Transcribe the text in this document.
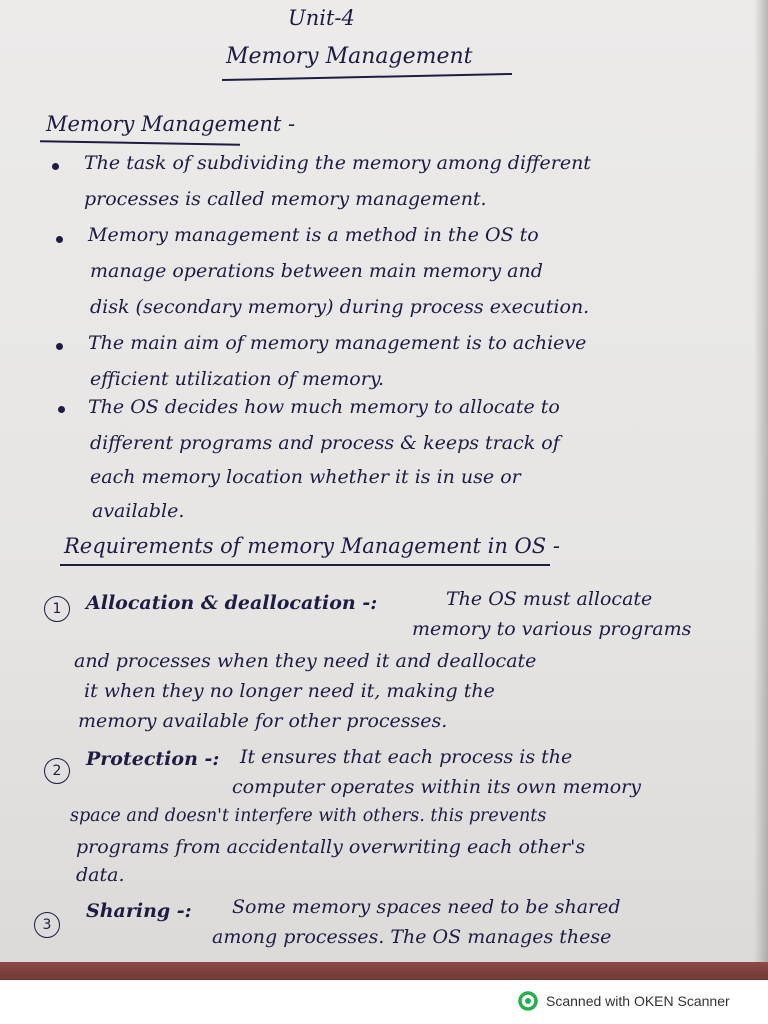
Unit-4
Memory Management
Memory Management -
The task of subdividing the memory among different
processes is called memory management.
Memory management is a method in the OS to
manage operations between main memory and
disk (secondary memory) during process execution.
The main aim of memory management is to achieve
efficient utilization of memory.
The OS decides how much memory to allocate to
different programs and process & keeps track of
each memory location whether it is in use or
available.
Requirements of memory Management in OS -
1	Allocation & deallocation -:	The OS must allocate
memory to various programs
and processes when they need it and deallocate
it when they no longer need it, making the
memory available for other processes.
2
Protection -: It ensures that each process is the
computer operates within its own memory
space and doesn't interfere with others. this prevents
programs from accidentally overwriting each other's
data.
3
Sharing -: Some memory spaces need to be shared
among processes. The OS manages these
Scanned with OKEN Scanner
